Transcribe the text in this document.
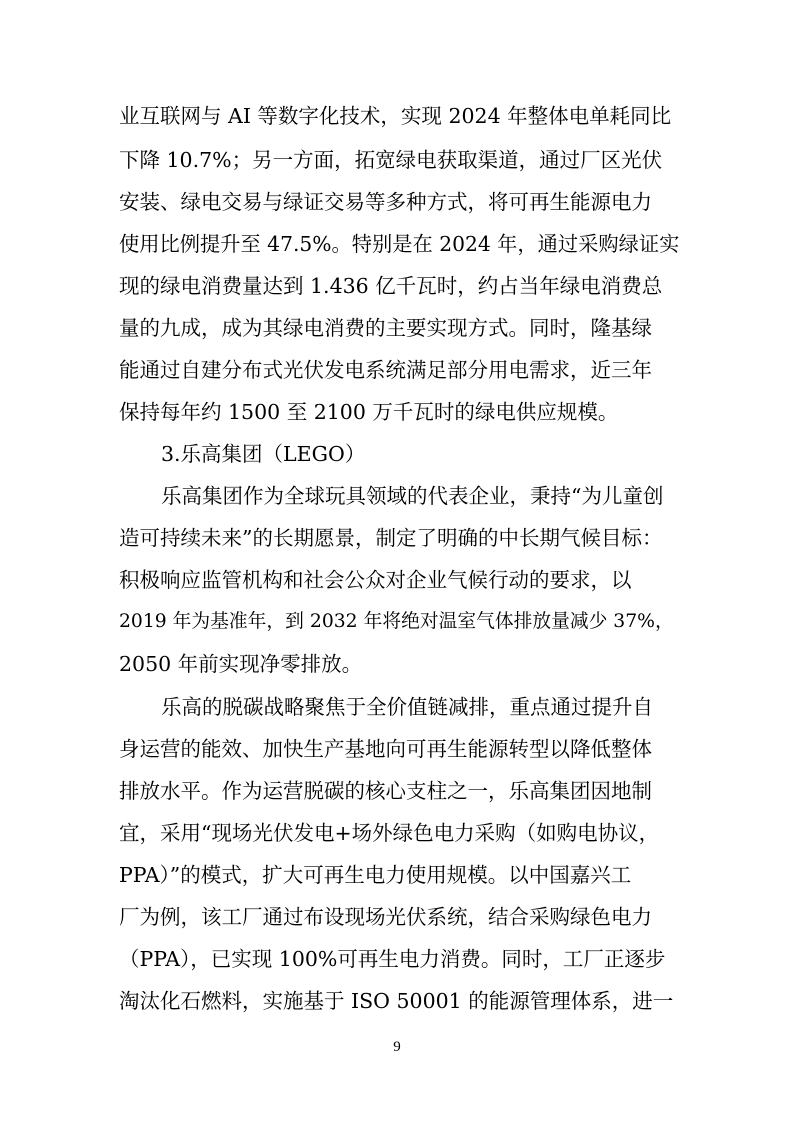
业互联网与 AI 等数字化技术，实现 2024 年整体电单耗同比
下降 10.7%；另一方面，拓宽绿电获取渠道，通过厂区光伏
安装、绿电交易与绿证交易等多种方式，将可再生能源电力
使用比例提升至 47.5%。特别是在 2024 年，通过采购绿证实
现的绿电消费量达到 1.436 亿千瓦时，约占当年绿电消费总
量的九成，成为其绿电消费的主要实现方式。同时，隆基绿
能通过自建分布式光伏发电系统满足部分用电需求，近三年
保持每年约 1500 至 2100 万千瓦时的绿电供应规模。
3.乐高集团（LEGO）
乐高集团作为全球玩具领域的代表企业，秉持“为儿童创
造可持续未来”的长期愿景，制定了明确的中长期气候目标：
积极响应监管机构和社会公众对企业气候行动的要求，以
2019 年为基准年，到 2032 年将绝对温室气体排放量减少 37%，
2050 年前实现净零排放。
乐高的脱碳战略聚焦于全价值链减排，重点通过提升自
身运营的能效、加快生产基地向可再生能源转型以降低整体
排放水平。作为运营脱碳的核心支柱之一，乐高集团因地制
宜，采用“现场光伏发电+场外绿色电力采购（如购电协议，
PPA）”的模式，扩大可再生电力使用规模。以中国嘉兴工
厂为例，该工厂通过布设现场光伏系统，结合采购绿色电力
（PPA），已实现 100%可再生电力消费。同时，工厂正逐步
淘汰化石燃料，实施基于 ISO 50001 的能源管理体系，进一
9
